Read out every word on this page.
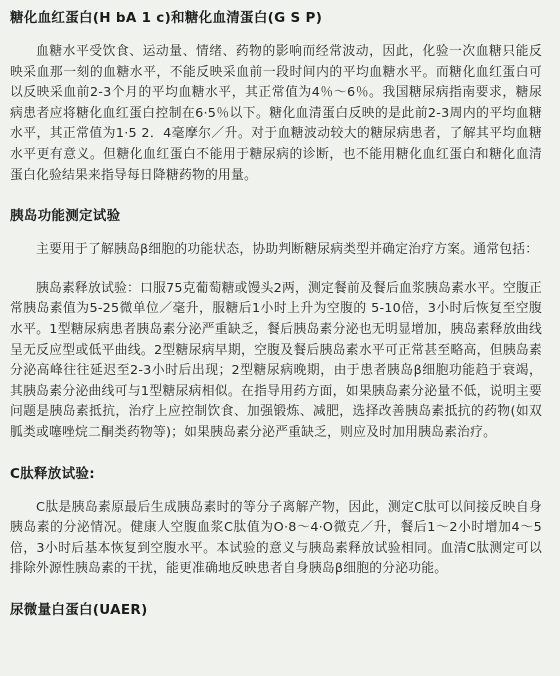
糖化血红蛋白(H bA 1 c)和糖化血清蛋白(G S P)

血糖水平受饮食、运动量、情绪、药物的影响而经常波动，因此，化验一次血糖只能反映采血那一刻的血糖水平，不能反映采血前一段时间内的平均血糖水平。而糖化血红蛋白可以反映采血前2-3个月的平均血糖水平，其正常值为4％～6％。我国糖尿病指南要求，糖尿病患者应将糖化血红蛋白控制在6·5％以下。糖化血清蛋白反映的是此前2-3周内的平均血糖水平，其正常值为1·5 2．4毫摩尔／升。对于血糖波动较大的糖尿病患者，了解其平均血糖水平更有意义。但糖化血红蛋白不能用于糖尿病的诊断，也不能用糖化血红蛋白和糖化血清蛋白化验结果来指导每日降糖药物的用量。

胰岛功能测定试验

主要用于了解胰岛β细胞的功能状态，协助判断糖尿病类型并确定治疗方案。通常包括：

胰岛素释放试验：口服75克葡萄糖或馒头2两，测定餐前及餐后血浆胰岛素水平。空腹正常胰岛素值为5-25微单位／毫升，服糖后1小时上升为空腹的 5-10倍，3小时后恢复至空腹水平。1型糖尿病患者胰岛素分泌严重缺乏，餐后胰岛素分泌也无明显增加，胰岛素释放曲线呈无反应型或低平曲线。2型糖尿病早期，空腹及餐后胰岛素水平可正常甚至略高，但胰岛素分泌高峰往往延迟至2-3小时后出现；2型糖尿病晚期，由于患者胰岛β细胞功能趋于衰竭，其胰岛素分泌曲线可与1型糖尿病相似。在指导用药方面，如果胰岛素分泌量不低，说明主要问题是胰岛素抵抗，治疗上应控制饮食、加强锻炼、减肥，选择改善胰岛素抵抗的药物(如双胍类或噻唑烷二酮类药物等)；如果胰岛素分泌严重缺乏，则应及时加用胰岛素治疗。

C肽释放试验:

C肽是胰岛素原最后生成胰岛素时的等分子离解产物，因此，测定C肽可以间接反映自身胰岛素的分泌情况。健康人空腹血浆C肽值为O·8～4·O微克／升，餐后1～2小时增加4～5倍，3小时后基本恢复到空腹水平。本试验的意义与胰岛素释放试验相同。血清C肽测定可以排除外源性胰岛素的干扰，能更准确地反映患者自身胰岛β细胞的分泌功能。

尿微量白蛋白(UAER)
